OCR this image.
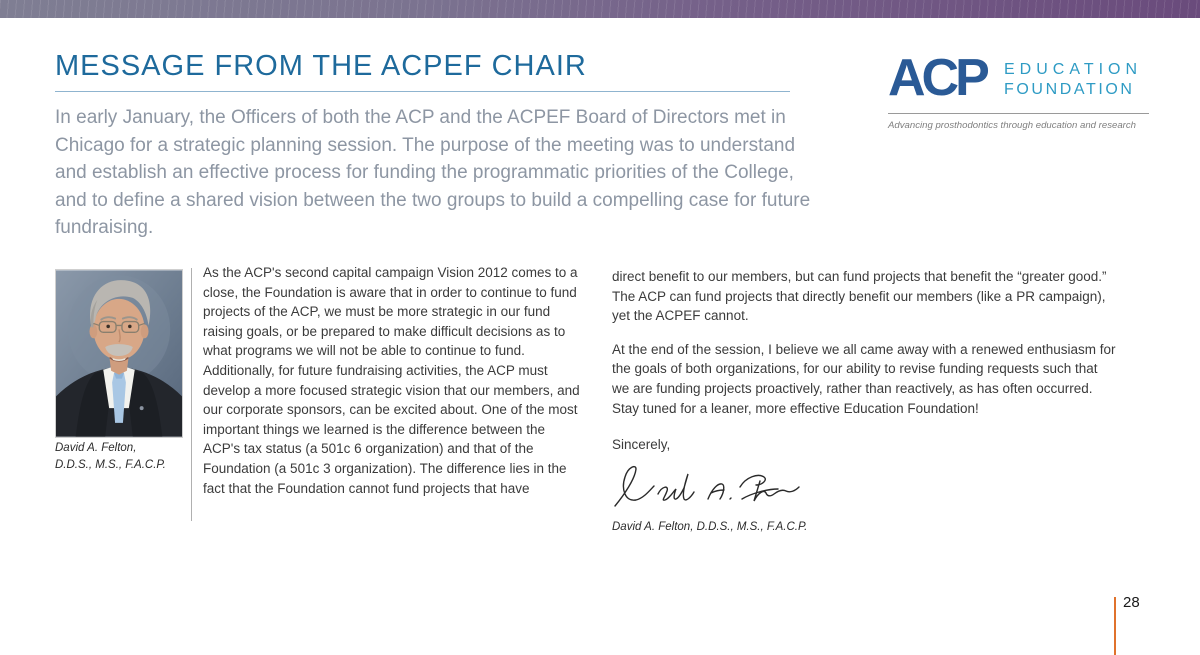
MESSAGE FROM THE ACPEF CHAIR	ACP EDUCATION
FOUNDATION
Advancing prosthodontics through education and research

In early January, the Officers of both the ACP and the ACPEF Board of Directors met in Chicago for a strategic planning session. The purpose of the meeting was to understand and establish an effective process for funding the programmatic priorities of the College, and to define a shared vision between the two groups to build a compelling case for future fundraising.

David A. Felton,
D.D.S., M.S., F.A.C.P.
As the ACP's second capital campaign Vision 2012 comes to a close, the Foundation is aware that in order to continue to fund projects of the ACP, we must be more strategic in our fund raising goals, or be prepared to make difficult decisions as to what programs we will not be able to continue to fund. Additionally, for future fundraising activities, the ACP must develop a more focused strategic vision that our members, and our corporate sponsors, can be excited about. One of the most important things we learned is the difference between the ACP's tax status (a 501c 6 organization) and that of the Foundation (a 501c 3 organization). The difference lies in the fact that the Foundation cannot fund projects that have

direct benefit to our members, but can fund projects that benefit the “greater good.” The ACP can fund projects that directly benefit our members (like a PR campaign), yet the ACPEF cannot.

At the end of the session, I believe we all came away with a renewed enthusiasm for the goals of both organizations, for our ability to revise funding requests such that we are funding projects proactively, rather than reactively, as has often occurred. Stay tuned for a leaner, more effective Education Foundation!

Sincerely,

David A. Felton, D.D.S., M.S., F.A.C.P.

28
